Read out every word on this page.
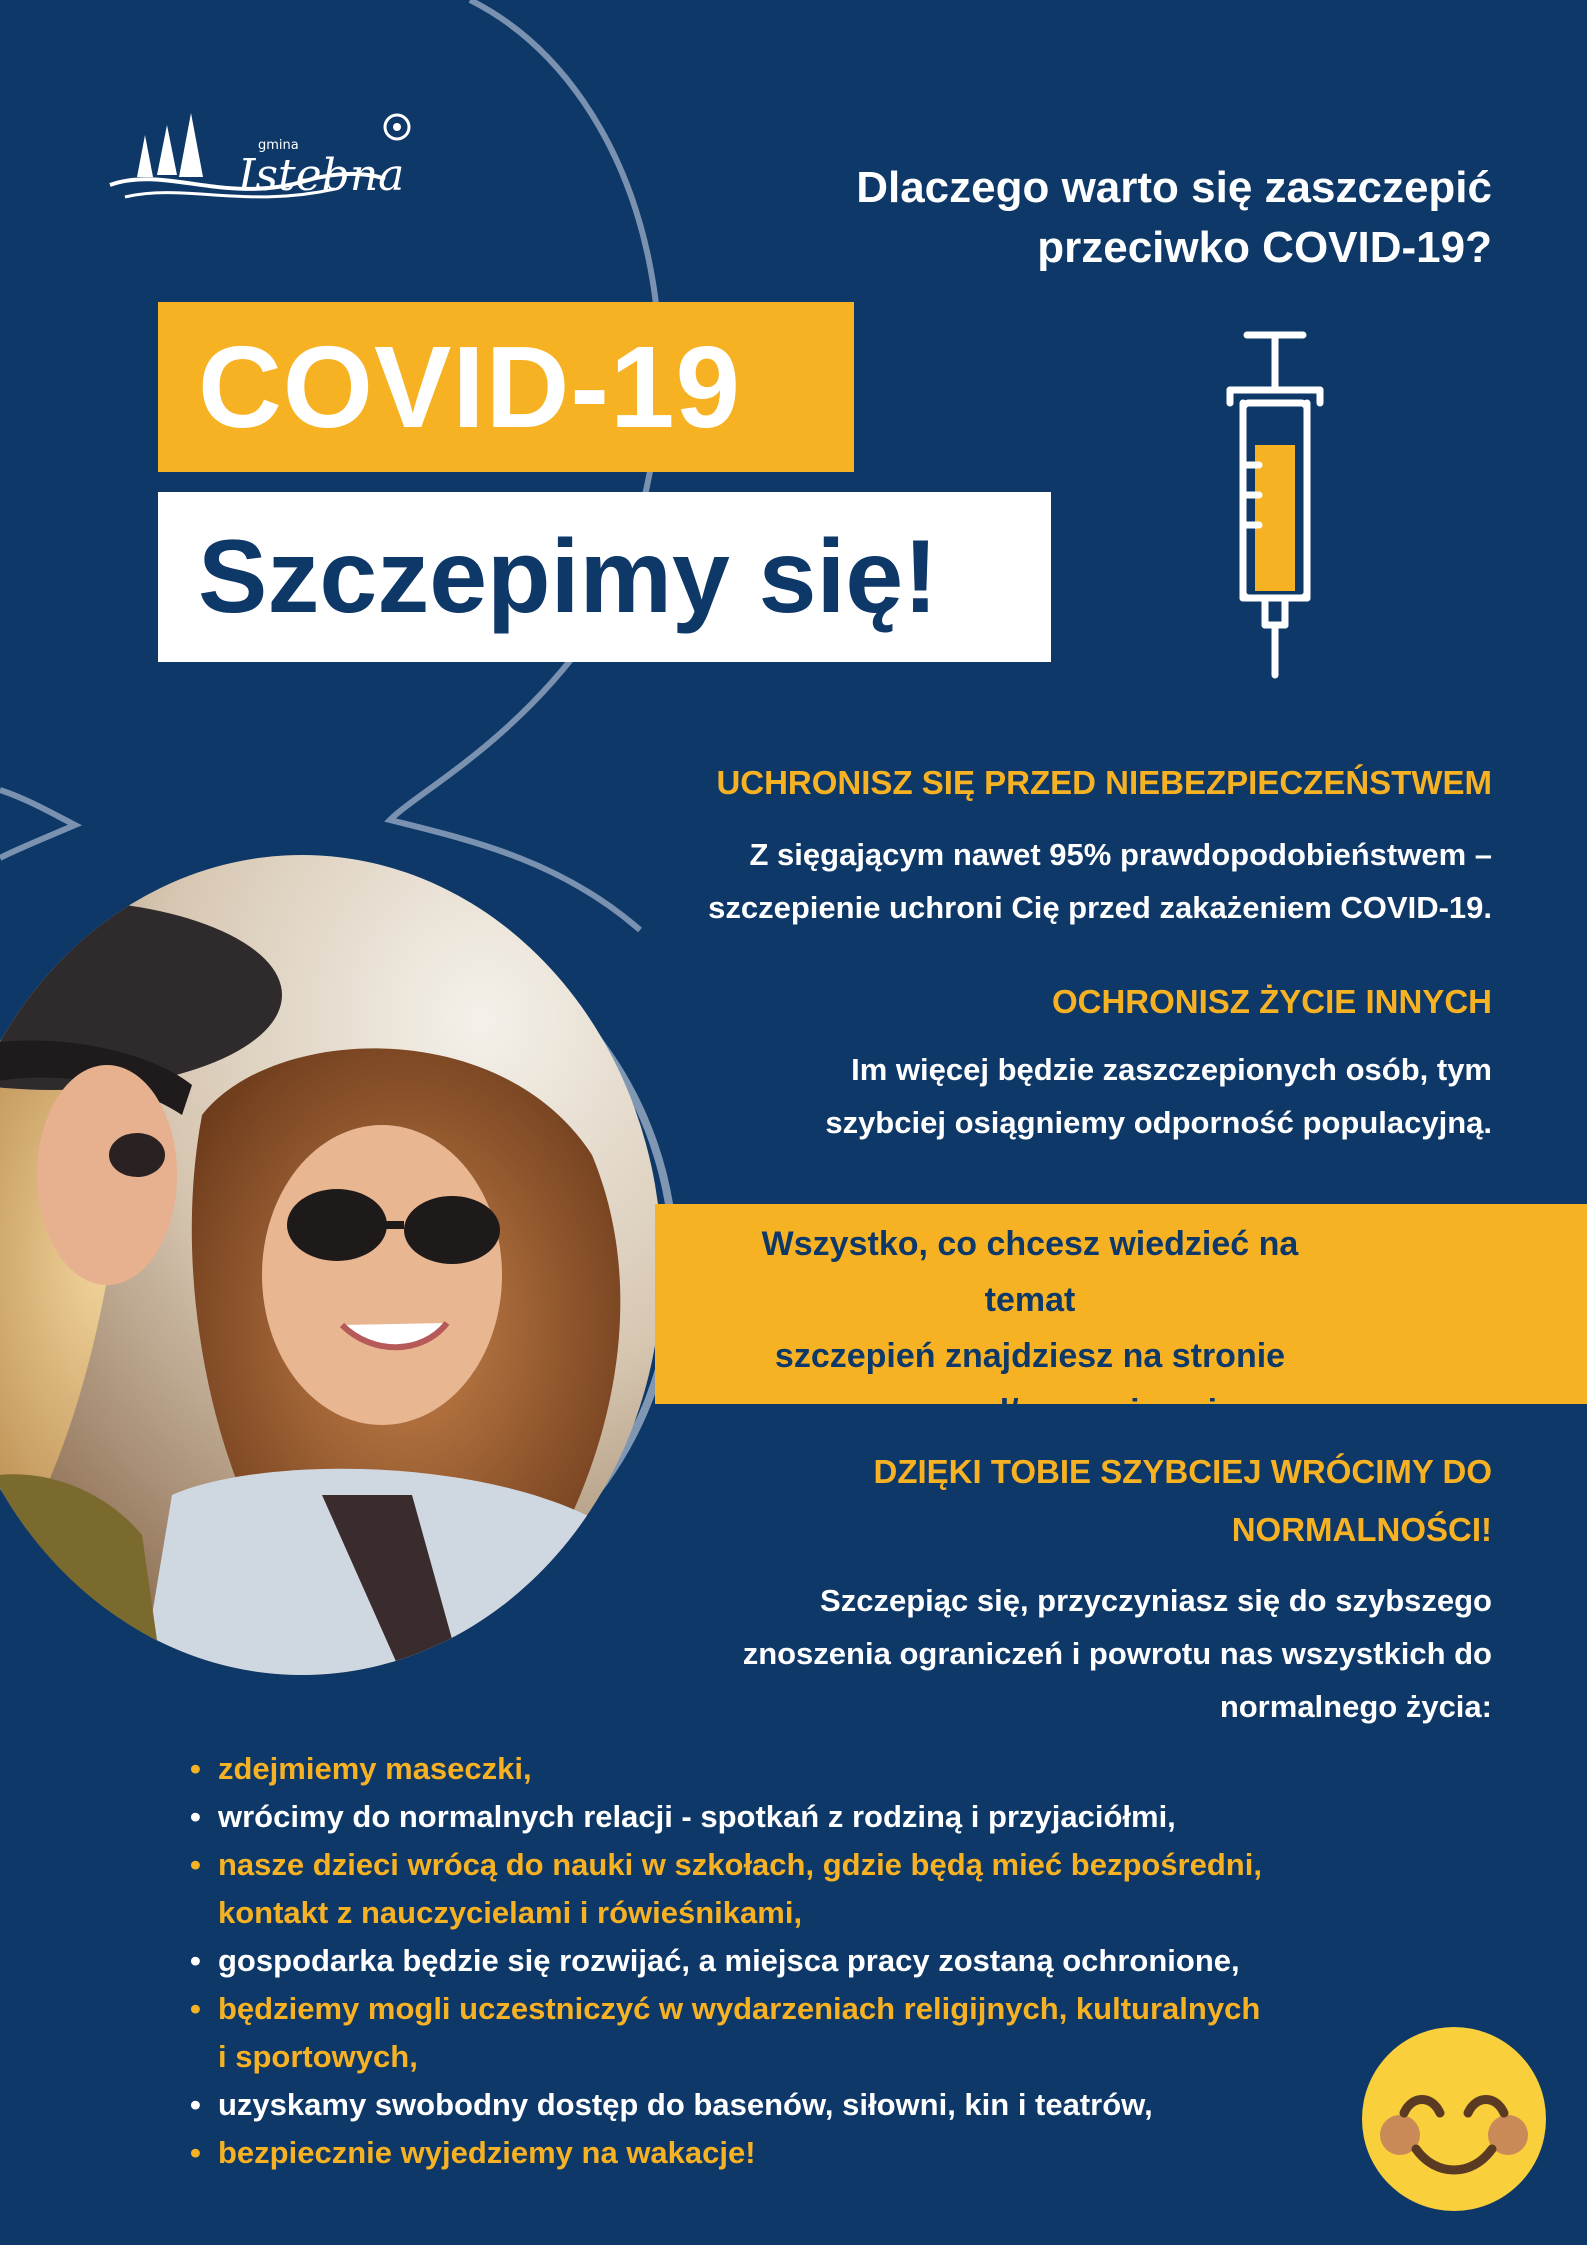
gmina
Istebna	Dlaczego warto się zaszczepić
przeciwko COVID-19?
COVID-19
Szczepimy się!
UCHRONISZ SIĘ PRZED NIEBEZPIECZEŃSTWEM
Z sięgającym nawet 95% prawdopodobieństwem –
szczepienie uchroni Cię przed zakażeniem COVID-19.
OCHRONISZ ŻYCIE INNYCH
Im więcej będzie zaszczepionych osób, tym
szybciej osiągniemy odporność populacyjną.
Wszystko, co chcesz wiedzieć na temat
szczepień znajdziesz na stronie
www.gov.pl/szczepimysie
DZIĘKI TOBIE SZYBCIEJ WRÓCIMY DO
NORMALNOŚCI!
Szczepiąc się, przyczyniasz się do szybszego
znoszenia ograniczeń i powrotu nas wszystkich do
normalnego życia:
• zdejmiemy maseczki,
• wrócimy do normalnych relacji - spotkań z rodziną i przyjaciółmi,
• nasze dzieci wrócą do nauki w szkołach, gdzie będą mieć bezpośredni,
kontakt z nauczycielami i rówieśnikami,
• gospodarka będzie się rozwijać, a miejsca pracy zostaną ochronione,
• będziemy mogli uczestniczyć w wydarzeniach religijnych, kulturalnych
i sportowych,
• uzyskamy swobodny dostęp do basenów, siłowni, kin i teatrów,
• bezpiecznie wyjedziemy na wakacje!
